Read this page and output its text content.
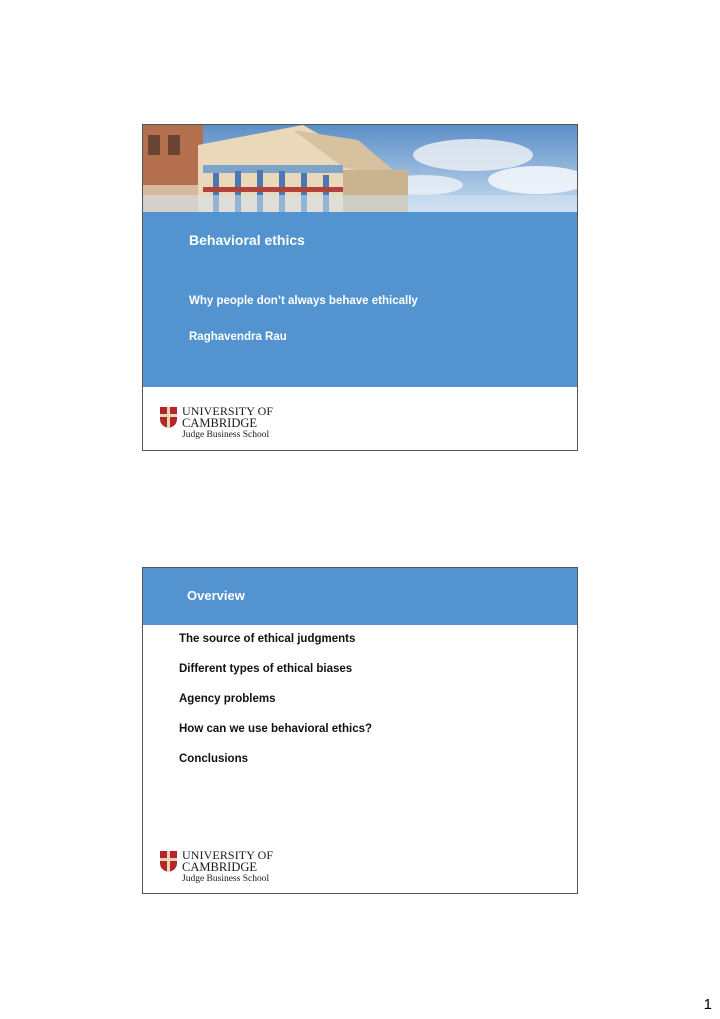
Behavioral ethics
Why people don’t always behave ethically
Raghavendra Rau
UNIVERSITY OF
CAMBRIDGE
Judge Business School
Overview
The source of ethical judgments
Different types of ethical biases
Agency problems
How can we use behavioral ethics?
Conclusions
UNIVERSITY OF
CAMBRIDGE
Judge Business School
1
